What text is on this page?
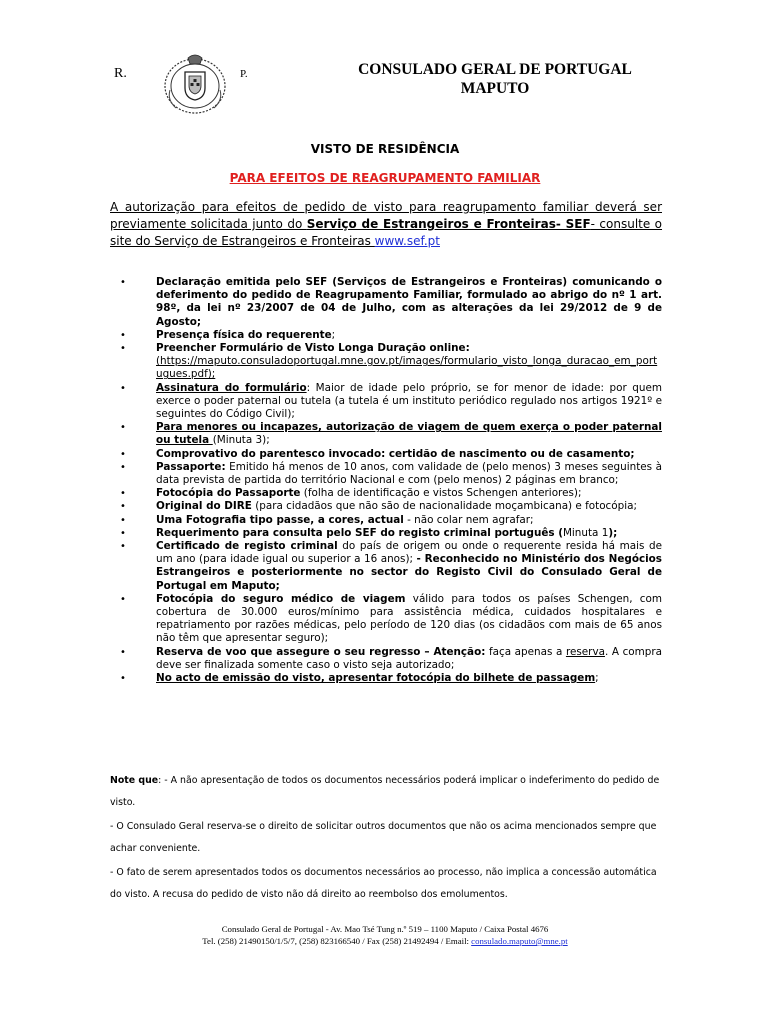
R.	P.	CONSULADO GERAL DE PORTUGAL
MAPUTO
VISTO DE RESIDÊNCIA
PARA EFEITOS DE REAGRUPAMENTO FAMILIAR
A autorização para efeitos de pedido de visto para reagrupamento familiar deverá ser previamente solicitada junto do Serviço de Estrangeiros e Fronteiras- SEF- consulte o site do Serviço de Estrangeiros e Fronteiras www.sef.pt
•	Declaração emitida pelo SEF (Serviços de Estrangeiros e Fronteiras) comunicando o deferimento do pedido de Reagrupamento Familiar, formulado ao abrigo do nº 1 art. 98º, da lei nº 23/2007 de 04 de Julho, com as alterações da lei 29/2012 de 9 de Agosto;
•	Presença física do requerente;
•	Preencher Formulário de Visto Longa Duração online:
(https://maputo.consuladoportugal.mne.gov.pt/images/formulario_visto_longa_duracao_em_portugues.pdf);
•	Assinatura do formulário: Maior de idade pelo próprio, se for menor de idade: por quem exerce o poder paternal ou tutela (a tutela é um instituto periódico regulado nos artigos 1921º e seguintes do Código Civil);
•	Para menores ou incapazes, autorização de viagem de quem exerça o poder paternal ou tutela (Minuta 3);
•	Comprovativo do parentesco invocado: certidão de nascimento ou de casamento;
•	Passaporte: Emitido há menos de 10 anos, com validade de (pelo menos) 3 meses seguintes à data prevista de partida do território Nacional e com (pelo menos) 2 páginas em branco;
•	Fotocópia do Passaporte (folha de identificação e vistos Schengen anteriores);
•	Original do DIRE (para cidadãos que não são de nacionalidade moçambicana) e fotocópia;
•	Uma Fotografia tipo passe, a cores, actual - não colar nem agrafar;
•	Requerimento para consulta pelo SEF do registo criminal português (Minuta 1);
•	Certificado de registo criminal do país de origem ou onde o requerente resida há mais de um ano (para idade igual ou superior a 16 anos); - Reconhecido no Ministério dos Negócios Estrangeiros e posteriormente no sector do Registo Civil do Consulado Geral de Portugal em Maputo;
•	Fotocópia do seguro médico de viagem válido para todos os países Schengen, com cobertura de 30.000 euros/mínimo para assistência médica, cuidados hospitalares e repatriamento por razões médicas, pelo período de 120 dias (os cidadãos com mais de 65 anos não têm que apresentar seguro);
•	Reserva de voo que assegure o seu regresso – Atenção: faça apenas a reserva. A compra deve ser finalizada somente caso o visto seja autorizado;
•	No acto de emissão do visto, apresentar fotocópia do bilhete de passagem;

Note que: - A não apresentação de todos os documentos necessários poderá implicar o indeferimento do pedido de visto.

- O Consulado Geral reserva-se o direito de solicitar outros documentos que não os acima mencionados sempre que achar conveniente.

- O fato de serem apresentados todos os documentos necessários ao processo, não implica a concessão automática do visto. A recusa do pedido de visto não dá direito ao reembolso dos emolumentos.

Consulado Geral de Portugal - Av. Mao Tsé Tung n.º 519 – 1100 Maputo / Caixa Postal 4676
Tel. (258) 21490150/1/5/7, (258) 823166540 / Fax (258) 21492494 / Email: consulado.maputo@mne.pt
